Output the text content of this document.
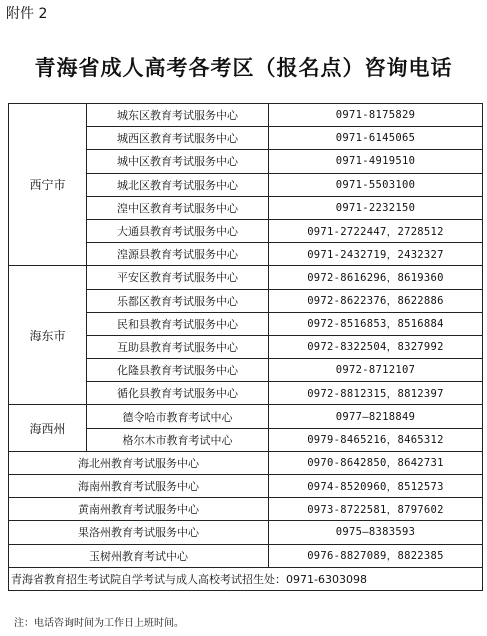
附件 2
青海省成人高考各考区（报名点）咨询电话
西宁市	城东区教育考试服务中心	0971-8175829
	城西区教育考试服务中心	0971-6145065
	城中区教育考试服务中心	0971-4919510
	城北区教育考试服务中心	0971-5503100
	湟中区教育考试服务中心	0971-2232150
	大通县教育考试服务中心	0971-2722447，2728512
	湟源县教育考试服务中心	0971-2432719，2432327
海东市	平安区教育考试服务中心	0972-8616296，8619360
	乐都区教育考试服务中心	0972-8622376，8622886
	民和县教育考试服务中心	0972-8516853，8516884
	互助县教育考试服务中心	0972-8322504，8327992
	化隆县教育考试服务中心	0972-8712107
	循化县教育考试服务中心	0972-8812315，8812397
海西州	德令哈市教育考试中心	0977—8218849
	格尔木市教育考试中心	0979-8465216，8465312
海北州教育考试服务中心		0970-8642850，8642731
海南州教育考试服务中心		0974-8520960，8512573
黄南州教育考试服务中心		0973-8722581，8797602
果洛州教育考试服务中心		0975—8383593
玉树州教育考试中心		0976-8827089，8822385
青海省教育招生考试院自学考试与成人高校考试招生处：0971-6303098		
注：电话咨询时间为工作日上班时间。
